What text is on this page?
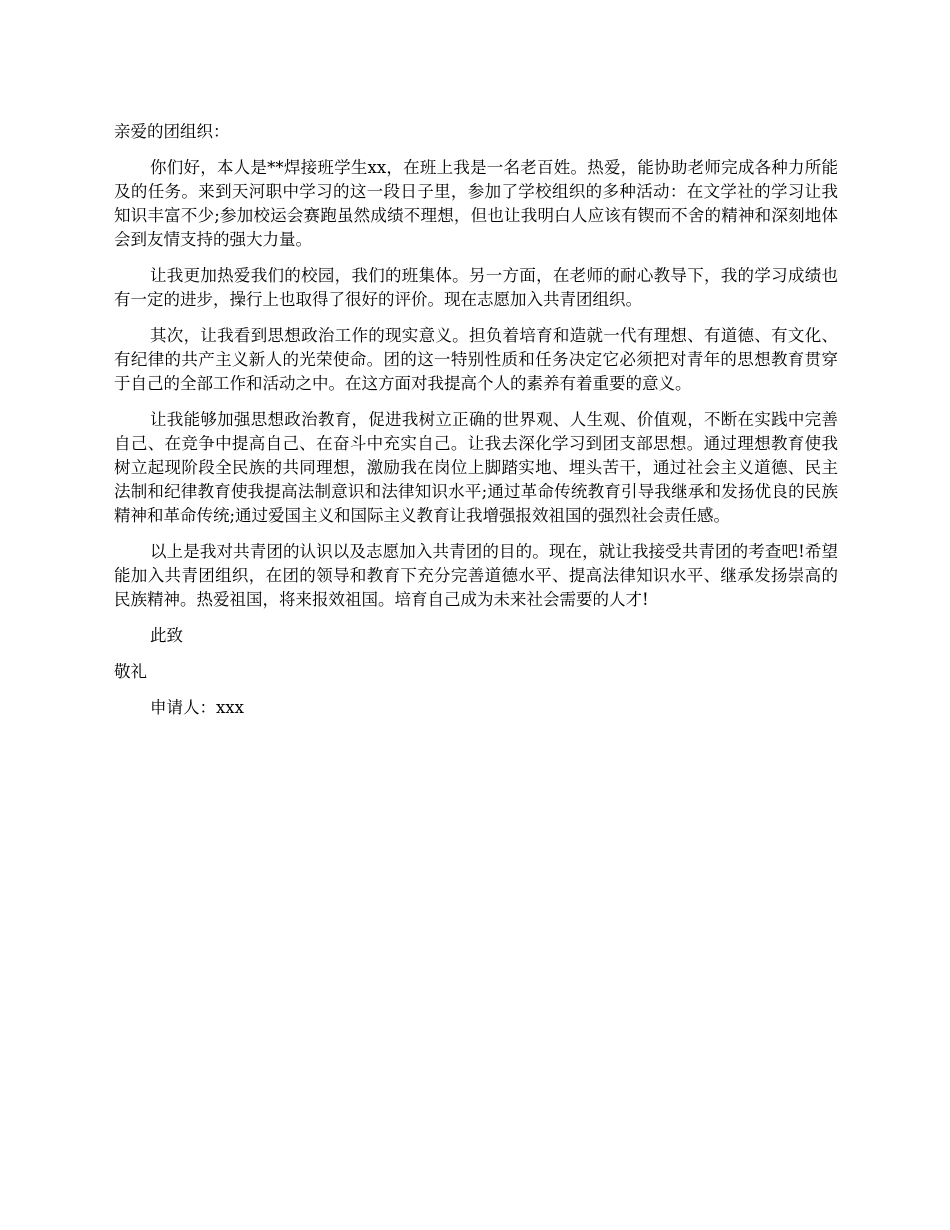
亲爱的团组织：

你们好，本人是**焊接班学生xx，在班上我是一名老百姓。热爱，能协助老师完成各种力所能及的任务。来到天河职中学习的这一段日子里，参加了学校组织的多种活动：在文学社的学习让我知识丰富不少;参加校运会赛跑虽然成绩不理想，但也让我明白人应该有锲而不舍的精神和深刻地体会到友情支持的强大力量。

让我更加热爱我们的校园，我们的班集体。另一方面，在老师的耐心教导下，我的学习成绩也有一定的进步，操行上也取得了很好的评价。现在志愿加入共青团组织。

其次，让我看到思想政治工作的现实意义。担负着培育和造就一代有理想、有道德、有文化、有纪律的共产主义新人的光荣使命。团的这一特别性质和任务决定它必须把对青年的思想教育贯穿于自己的全部工作和活动之中。在这方面对我提高个人的素养有着重要的意义。

让我能够加强思想政治教育，促进我树立正确的世界观、人生观、价值观，不断在实践中完善自己、在竞争中提高自己、在奋斗中充实自己。让我去深化学习到团支部思想。通过理想教育使我树立起现阶段全民族的共同理想，激励我在岗位上脚踏实地、埋头苦干，通过社会主义道德、民主法制和纪律教育使我提高法制意识和法律知识水平;通过革命传统教育引导我继承和发扬优良的民族精神和革命传统;通过爱国主义和国际主义教育让我增强报效祖国的强烈社会责任感。

以上是我对共青团的认识以及志愿加入共青团的目的。现在，就让我接受共青团的考查吧!希望能加入共青团组织，在团的领导和教育下充分完善道德水平、提高法律知识水平、继承发扬崇高的民族精神。热爱祖国，将来报效祖国。培育自己成为未来社会需要的人才!

此致

敬礼

申请人：xxx
